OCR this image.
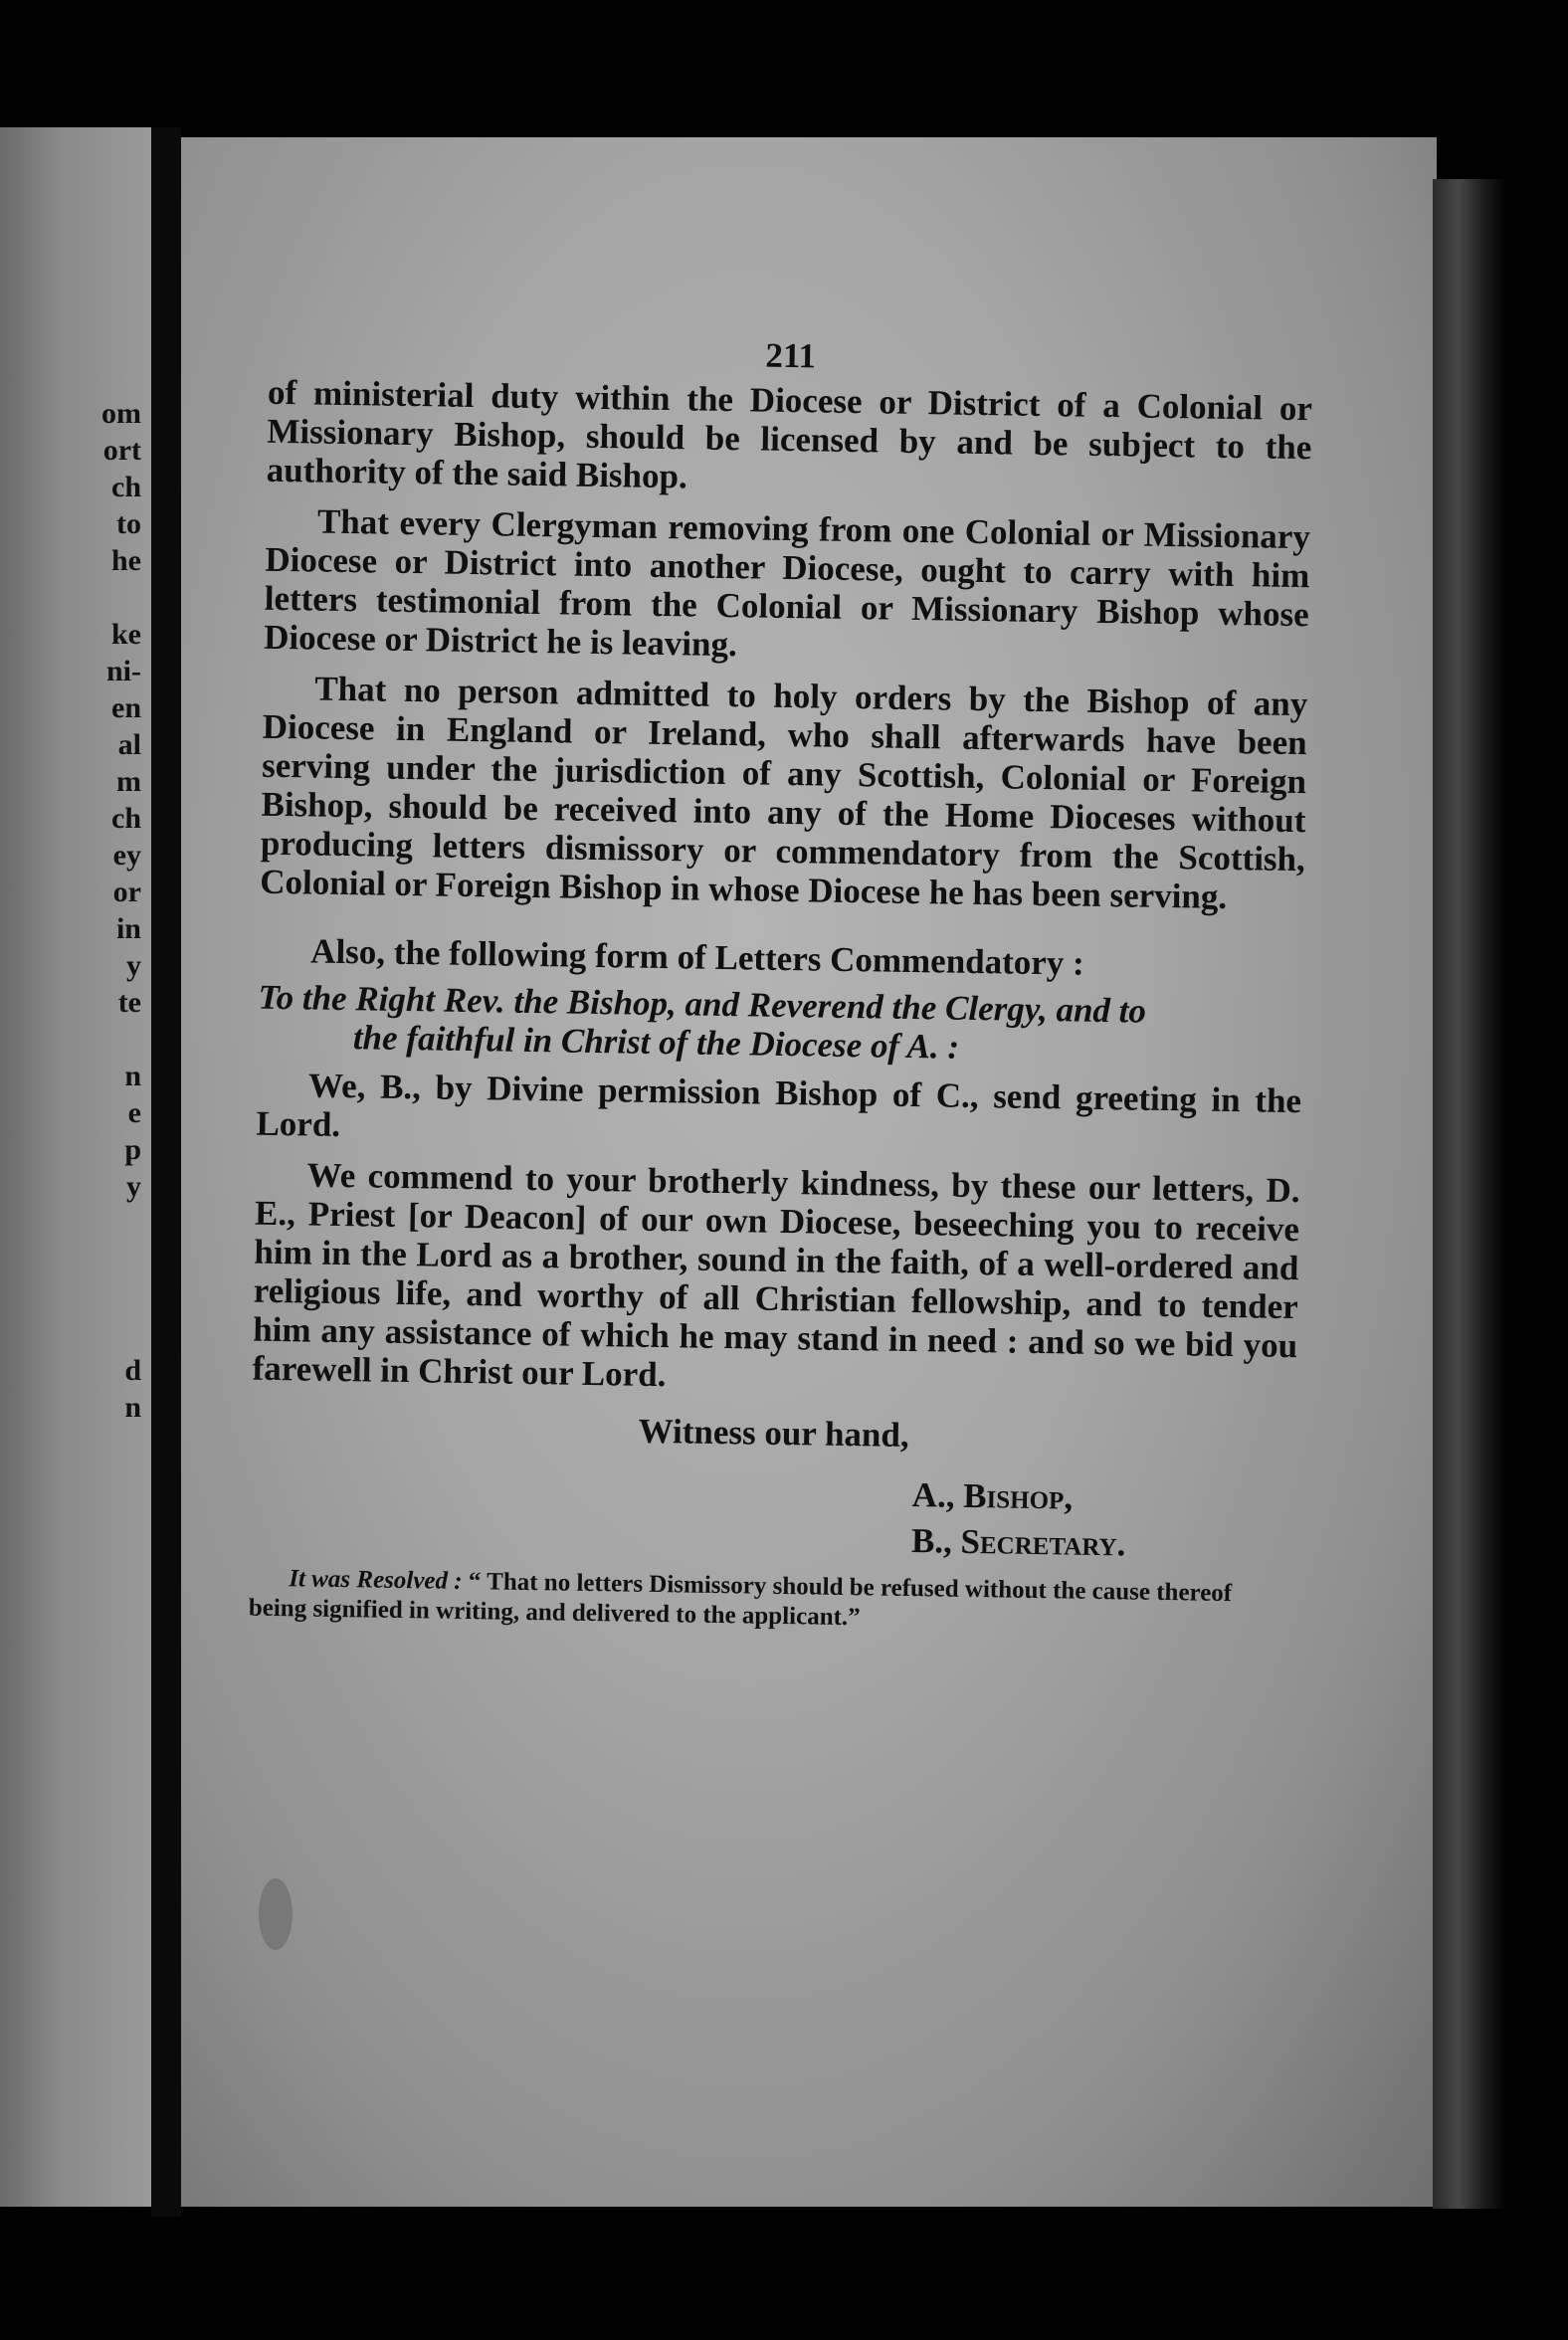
om
ort
ch
to
he
ke
ni-
en
al
m
ch
ey
or
in
y
te
n
e
p
y
d
n
211

of ministerial duty within the Diocese or District of a Colonial or Missionary Bishop, should be licensed by and be subject to the authority of the said Bishop.

That every Clergyman removing from one Colonial or Missionary Diocese or District into another Diocese, ought to carry with him letters testimonial from the Colonial or Missionary Bishop whose Diocese or District he is leaving.

That no person admitted to holy orders by the Bishop of any Diocese in England or Ireland, who shall afterwards have been serving under the jurisdiction of any Scottish, Colonial or Foreign Bishop, should be received into any of the Home Dioceses without producing letters dismissory or commendatory from the Scottish, Colonial or Foreign Bishop in whose Diocese he has been serving.

Also, the following form of Letters Commendatory :

To the Right Rev. the Bishop, and Reverend the Clergy, and to
the faithful in Christ of the Diocese of A. :

We, B., by Divine permission Bishop of C., send greeting in the Lord.

We commend to your brotherly kindness, by these our letters, D. E., Priest [or Deacon] of our own Diocese, beseeching you to receive him in the Lord as a brother, sound in the faith, of a well-ordered and religious life, and worthy of all Christian fellowship, and to tender him any assistance of which he may stand in need : and so we bid you farewell in Christ our Lord.

Witness our hand,
A., Bishop,
B., Secretary.

It was Resolved : “ That no letters Dismissory should be refused without the cause thereof being signified in writing, and delivered to the applicant.”
